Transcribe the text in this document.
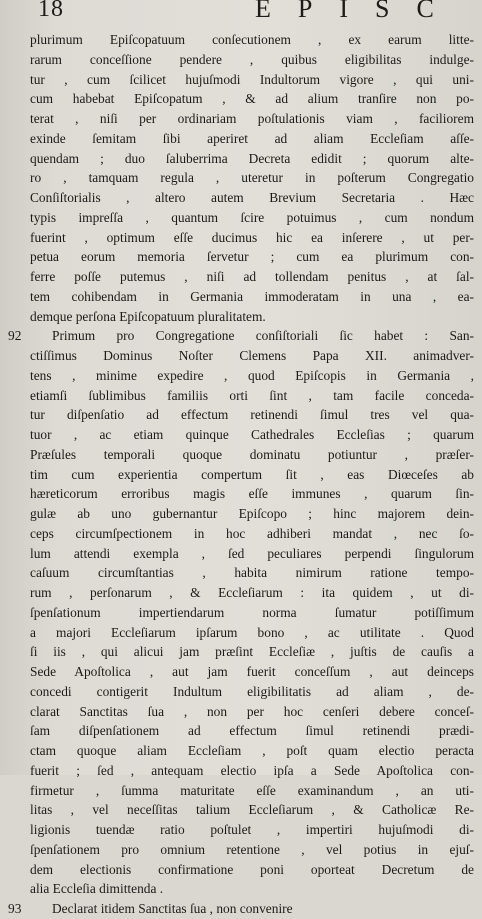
18	EPISC
plurimum Epiſcopatuum conſecutionem , ex earum litte-
rarum conceſſione pendere , quibus eligibilitas indulge-
tur , cum ſcilicet hujuſmodi Indultorum vigore , qui uni-
cum habebat Epiſcopatum , & ad alium tranſire non po-
terat , niſi per ordinariam poſtulationis viam , faciliorem
exinde ſemitam ſibi aperiret ad aliam Eccleſiam aſſe-
quendam ; duo ſaluberrima Decreta edidit ; quorum alte-
ro , tamquam regula , uteretur in poſterum Congregatio
Conſiſtorialis , altero autem Brevium Secretaria . Hæc
typis impreſſa , quantum ſcire potuimus , cum nondum
fuerint , optimum eſſe ducimus hic ea inſerere , ut per-
petua eorum memoria ſervetur ; cum ea plurimum con-
ferre poſſe putemus , niſi ad tollendam penitus , at ſal-
tem cohibendam in Germania immoderatam in una , ea-
demque perſona Epiſcopatuum pluralitatem.
92	Primum pro Congregatione conſiſtoriali ſic habet : San-
ctiſſimus Dominus Noſter Clemens Papa XII. animadver-
tens , minime expedire , quod Epiſcopis in Germania ,
etiamſi ſublimibus familiis orti ſint , tam facile conceda-
tur diſpenſatio ad effectum retinendi ſimul tres vel qua-
tuor , ac etiam quinque Cathedrales Eccleſias ; quarum
Præſules temporali quoque dominatu potiuntur , præſer-
tim cum experientia compertum ſit , eas Diœceſes ab
hæreticorum erroribus magis eſſe immunes , quarum ſin-
gulæ ab uno gubernantur Epiſcopo ; hinc majorem dein-
ceps circumſpectionem in hoc adhiberi mandat , nec ſo-
lum attendi exempla , ſed peculiares perpendi ſingulorum
caſuum circumſtantias , habita nimirum ratione tempo-
rum , perſonarum , & Eccleſiarum : ita quidem , ut di-
ſpenſationum impertiendarum norma ſumatur potiſſimum
a majori Eccleſiarum ipſarum bono , ac utilitate . Quod
ſi iis , qui alicui jam præſint Eccleſiæ , juſtis de cauſis a
Sede Apoſtolica , aut jam fuerit conceſſum , aut deinceps
concedi contigerit Indultum eligibilitatis ad aliam , de-
clarat Sanctitas ſua , non per hoc cenſeri debere conceſ-
ſam diſpenſationem ad effectum ſimul retinendi prædi-
ctam quoque aliam Eccleſiam , poſt quam electio peracta
fuerit ; ſed , antequam electio ipſa a Sede Apoſtolica con-
firmetur , ſumma maturitate eſſe examinandum , an uti-
litas , vel neceſſitas talium Eccleſiarum , & Catholicæ Re-
ligionis tuendæ ratio poſtulet , impertiri hujuſmodi di-
ſpenſationem pro omnium retentione , vel potius in ejuſ-
dem electionis confirmatione poni oporteat Decretum de
alia Eccleſia dimittenda .
93	Declarat itidem Sanctitas ſua , non convenire
